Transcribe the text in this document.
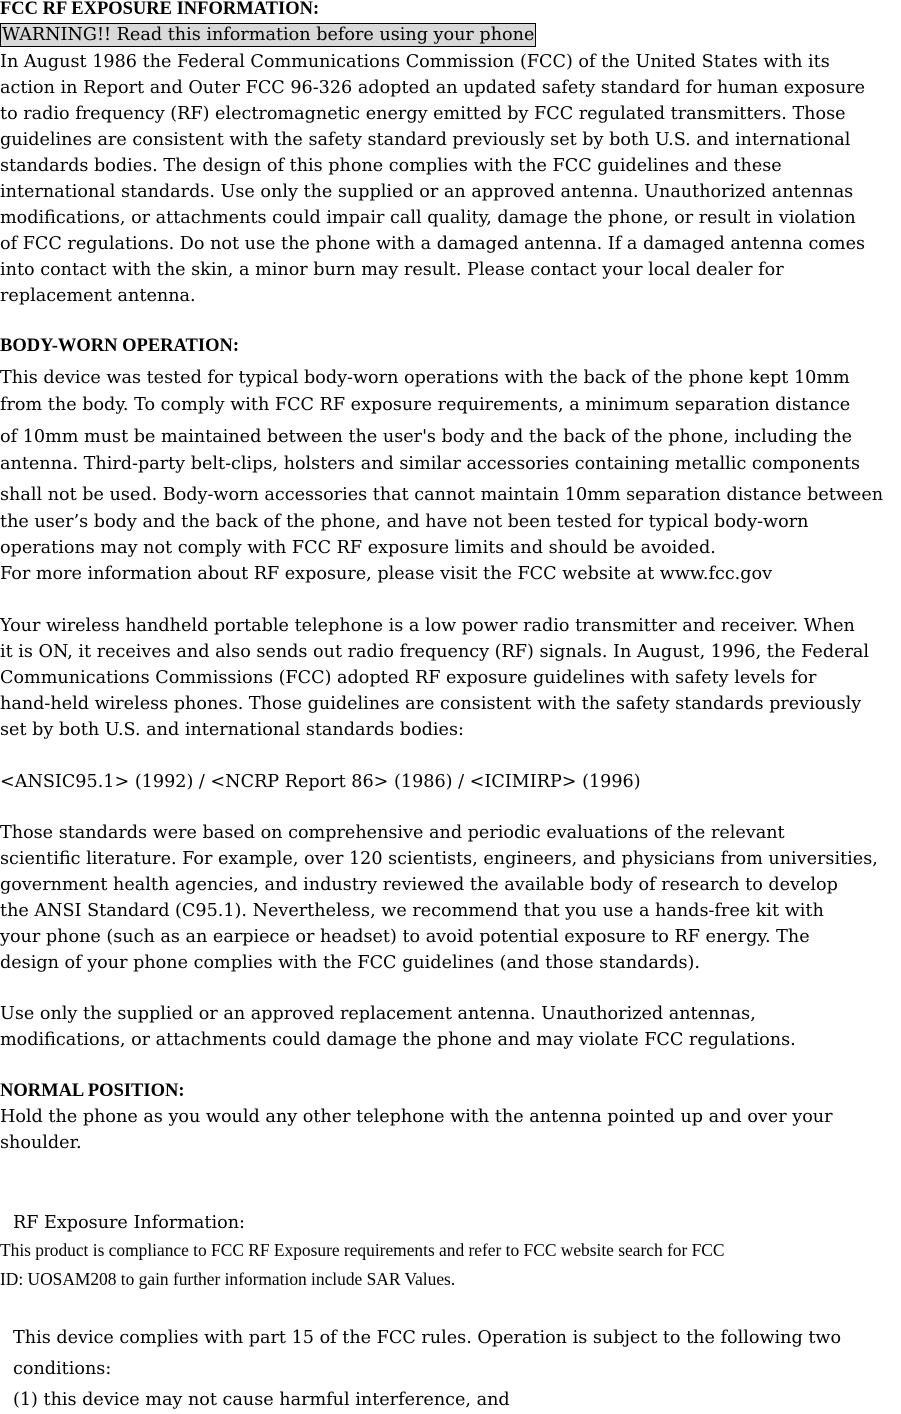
FCC RF EXPOSURE INFORMATION:
WARNING!! Read this information before using your phone
In August 1986 the Federal Communications Commission (FCC) of the United States with its
action in Report and Outer FCC 96-326 adopted an updated safety standard for human exposure
to radio frequency (RF) electromagnetic energy emitted by FCC regulated transmitters. Those
guidelines are consistent with the safety standard previously set by both U.S. and international
standards bodies. The design of this phone complies with the FCC guidelines and these
international standards. Use only the supplied or an approved antenna. Unauthorized antennas
modifications, or attachments could impair call quality, damage the phone, or result in violation
of FCC regulations. Do not use the phone with a damaged antenna. If a damaged antenna comes
into contact with the skin, a minor burn may result. Please contact your local dealer for
replacement antenna.
BODY-WORN OPERATION:
This device was tested for typical body-worn operations with the back of the phone kept 10mm
from the body. To comply with FCC RF exposure requirements, a minimum separation distance
of 10mm must be maintained between the user's body and the back of the phone, including the
antenna. Third-party belt-clips, holsters and similar accessories containing metallic components
shall not be used. Body-worn accessories that cannot maintain 10mm separation distance between
the user’s body and the back of the phone, and have not been tested for typical body-worn
operations may not comply with FCC RF exposure limits and should be avoided.
For more information about RF exposure, please visit the FCC website at www.fcc.gov
Your wireless handheld portable telephone is a low power radio transmitter and receiver. When
it is ON, it receives and also sends out radio frequency (RF) signals. In August, 1996, the Federal
Communications Commissions (FCC) adopted RF exposure guidelines with safety levels for
hand-held wireless phones. Those guidelines are consistent with the safety standards previously
set by both U.S. and international standards bodies:
<ANSIC95.1> (1992) / <NCRP Report 86> (1986) / <ICIMIRP> (1996)
Those standards were based on comprehensive and periodic evaluations of the relevant
scientific literature. For example, over 120 scientists, engineers, and physicians from universities,
government health agencies, and industry reviewed the available body of research to develop
the ANSI Standard (C95.1). Nevertheless, we recommend that you use a hands-free kit with
your phone (such as an earpiece or headset) to avoid potential exposure to RF energy. The
design of your phone complies with the FCC guidelines (and those standards).
Use only the supplied or an approved replacement antenna. Unauthorized antennas,
modifications, or attachments could damage the phone and may violate FCC regulations.
NORMAL POSITION:
Hold the phone as you would any other telephone with the antenna pointed up and over your
shoulder.
RF Exposure Information:
This product is compliance to FCC RF Exposure requirements and refer to FCC website search for FCC
ID: UOSAM208 to gain further information include SAR Values.
This device complies with part 15 of the FCC rules. Operation is subject to the following two
conditions:
(1) this device may not cause harmful interference, and
